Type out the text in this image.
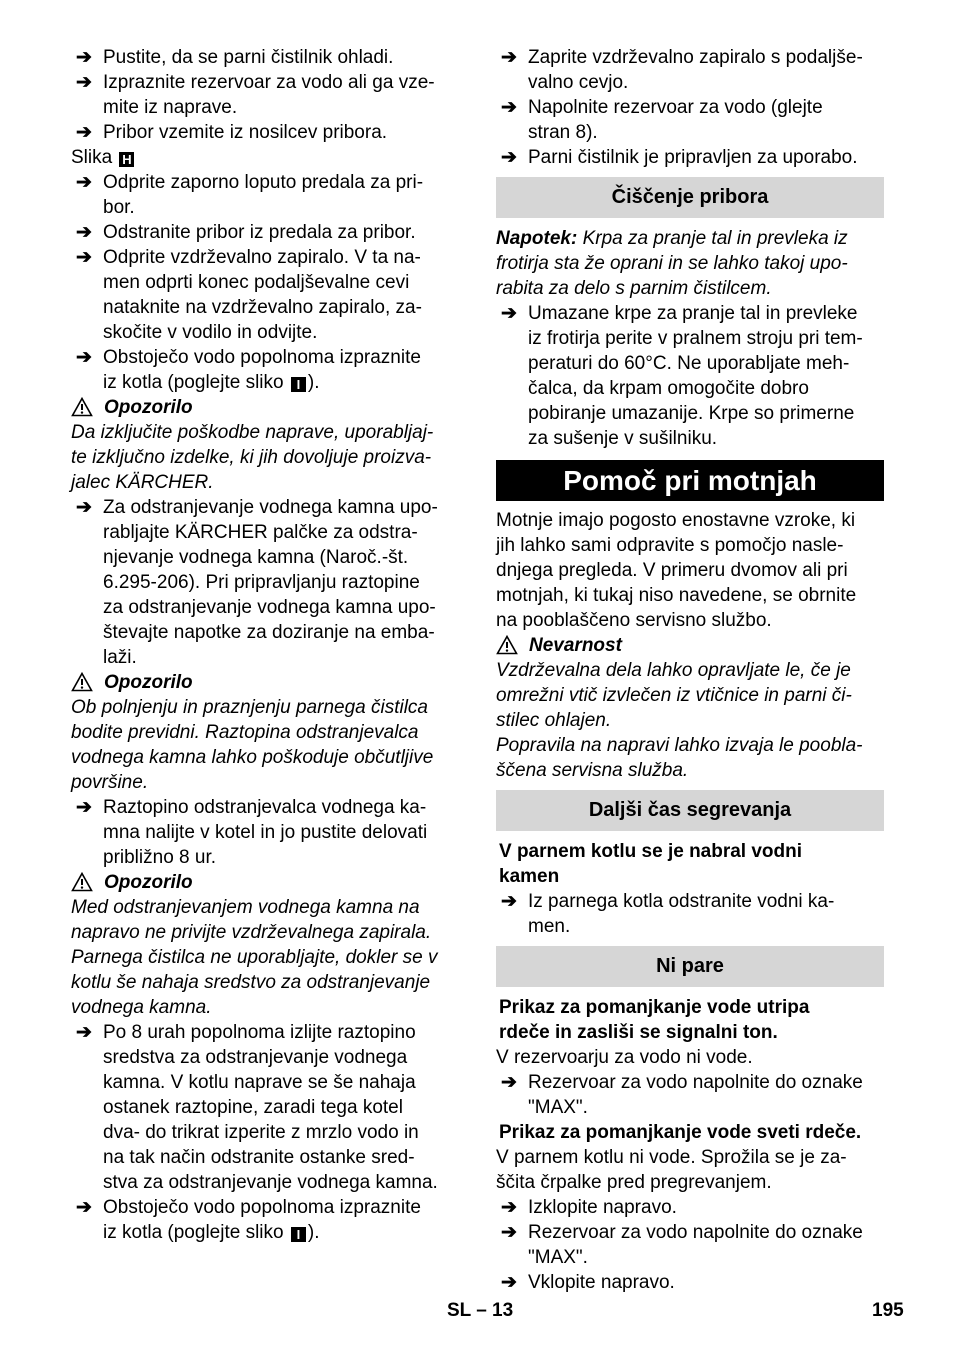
➔ Pustite, da se parni čistilnik ohladi.
➔ Izpraznite rezervoar za vodo ali ga vze-
mite iz naprave.
➔ Pribor vzemite iz nosilcev pribora.
Slika H
➔ Odprite zaporno loputo predala za pri-
bor.
➔ Odstranite pribor iz predala za pribor.
➔ Odprite vzdrževalno zapiralo. V ta na-
men odprti konec podaljševalne cevi
nataknite na vzdrževalno zapiralo, za-
skočite v vodilo in odvijte.
➔ Obstoječo vodo popolnoma izpraznite
iz kotla (poglejte sliko I ).
Opozorilo
Da izključite poškodbe naprave, uporabljaj-
te izključno izdelke, ki jih dovoljuje proizva-
jalec KÄRCHER.
➔ Za odstranjevanje vodnega kamna upo-
rabljajte KÄRCHER palčke za odstra-
njevanje vodnega kamna (Naroč.-št.
6.295-206). Pri pripravljanju raztopine
za odstranjevanje vodnega kamna upo-
števajte napotke za doziranje na emba-
laži.
Opozorilo
Ob polnjenju in praznjenju parnega čistilca
bodite previdni. Raztopina odstranjevalca
vodnega kamna lahko poškoduje občutljive
površine.
➔ Raztopino odstranjevalca vodnega ka-
mna nalijte v kotel in jo pustite delovati
približno 8 ur.
Opozorilo
Med odstranjevanjem vodnega kamna na
napravo ne privijte vzdrževalnega zapirala.
Parnega čistilca ne uporabljajte, dokler se v
kotlu še nahaja sredstvo za odstranjevanje
vodnega kamna.
➔ Po 8 urah popolnoma izlijte raztopino
sredstva za odstranjevanje vodnega
kamna. V kotlu naprave se še nahaja
ostanek raztopine, zaradi tega kotel
dva- do trikrat izperite z mrzlo vodo in
na tak način odstranite ostanke sred-
stva za odstranjevanje vodnega kamna.
➔ Obstoječo vodo popolnoma izpraznite
iz kotla (poglejte sliko I ).
➔ Zaprite vzdrževalno zapiralo s podaljše-
valno cevjo.
➔ Napolnite rezervoar za vodo (glejte
stran 8).
➔ Parni čistilnik je pripravljen za uporabo.
Čiščenje pribora
Napotek: Krpa za pranje tal in prevleka iz
frotirja sta že oprani in se lahko takoj upo-
rabita za delo s parnim čistilcem.
➔ Umazane krpe za pranje tal in prevleke
iz frotirja perite v pralnem stroju pri tem-
peraturi do 60°C. Ne uporabljate meh-
čalca, da krpam omogočite dobro
pobiranje umazanije. Krpe so primerne
za sušenje v sušilniku.
Pomoč pri motnjah
Motnje imajo pogosto enostavne vzroke, ki
jih lahko sami odpravite s pomočjo nasle-
dnjega pregleda. V primeru dvomov ali pri
motnjah, ki tukaj niso navedene, se obrnite
na pooblaščeno servisno službo.
Nevarnost
Vzdrževalna dela lahko opravljate le, če je
omrežni vtič izvlečen iz vtičnice in parni či-
stilec ohlajen.
Popravila na napravi lahko izvaja le poobla-
ščena servisna služba.
Daljši čas segrevanja
V parnem kotlu se je nabral vodni
kamen
➔ Iz parnega kotla odstranite vodni ka-
men.
Ni pare
Prikaz za pomanjkanje vode utripa
rdeče in zasliši se signalni ton.
V rezervoarju za vodo ni vode.
➔ Rezervoar za vodo napolnite do oznake
"MAX".
Prikaz za pomanjkanje vode sveti rdeče.
V parnem kotlu ni vode. Sprožila se je za-
ščita črpalke pred pregrevanjem.
➔ Izklopite napravo.
➔ Rezervoar za vodo napolnite do oznake
"MAX".
➔ Vklopite napravo.
SL – 13	195
